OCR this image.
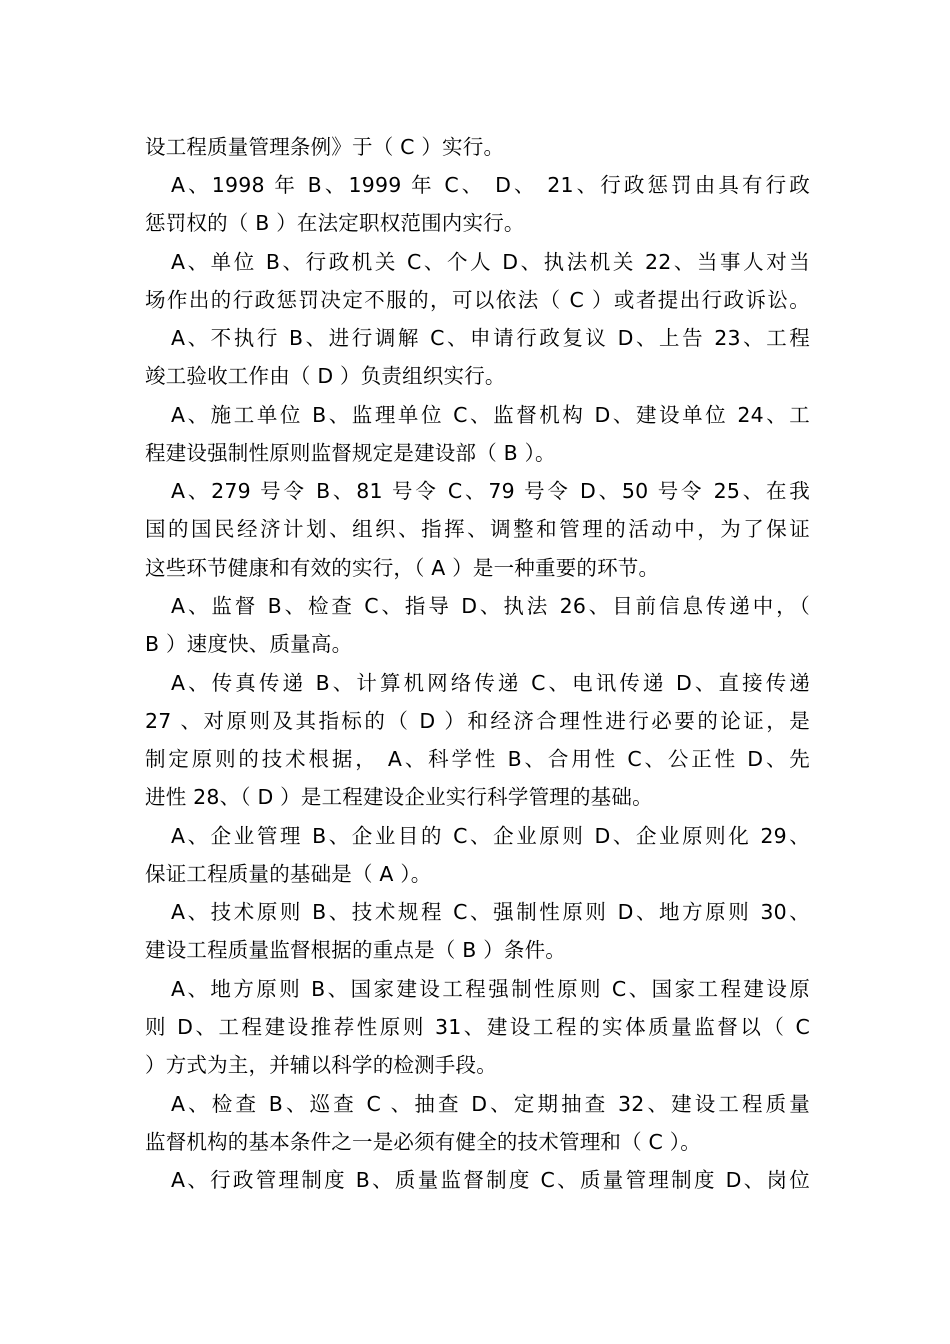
设工程质量管理条例》于（ C ）实行。
A、1998 年 B、1999 年 C、 D、 21、行政惩罚由具有行政
惩罚权的（ B ）在法定职权范围内实行。
A、单位 B、行政机关 C、个人 D、执法机关 22、当事人对当
场作出的行政惩罚决定不服的，可以依法（ C ）或者提出行政诉讼。
A、不执行 B、进行调解 C、申请行政复议 D、上告 23、工程
竣工验收工作由（ D ）负责组织实行。
A、施工单位 B、监理单位 C、监督机构 D、建设单位 24、工
程建设强制性原则监督规定是建设部（ B ）。
A、279 号令 B、81 号令 C、79 号令 D、50 号令 25、在我
国的国民经济计划、组织、指挥、调整和管理的活动中，为了保证
这些环节健康和有效的实行，（ A ）是一种重要的环节。
A、监督 B、检查 C、指导 D、执法 26、目前信息传递中，（
B ）速度快、质量高。
A、传真传递 B、计算机网络传递 C、电讯传递 D、直接传递
27 、对原则及其指标的（ D ）和经济合理性进行必要的论证，是
制定原则的技术根据， A、科学性 B、合用性 C、公正性 D、先
进性 28、（ D ）是工程建设企业实行科学管理的基础。
A、企业管理 B、企业目的 C、企业原则 D、企业原则化 29、
保证工程质量的基础是（ A ）。
A、技术原则 B、技术规程 C、强制性原则 D、地方原则 30、
建设工程质量监督根据的重点是（ B ）条件。
A、地方原则 B、国家建设工程强制性原则 C、国家工程建设原
则 D、工程建设推荐性原则 31、建设工程的实体质量监督以（ C
）方式为主，并辅以科学的检测手段。
A、检查 B、巡查 C 、抽查 D、定期抽查 32、建设工程质量
监督机构的基本条件之一是必须有健全的技术管理和（ C ）。
A、行政管理制度 B、质量监督制度 C、质量管理制度 D、岗位
